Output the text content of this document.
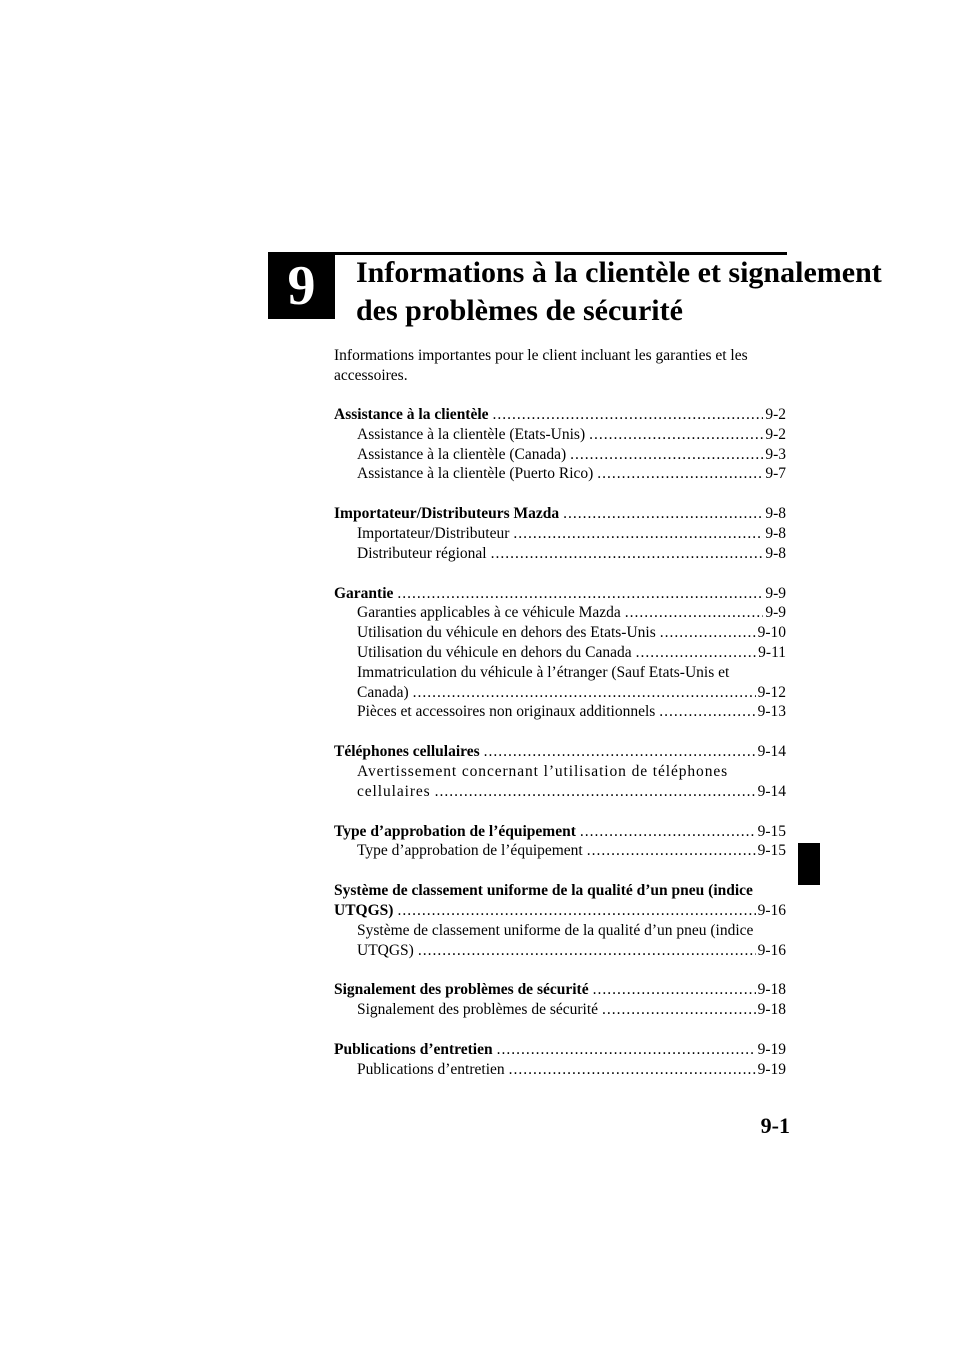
9 Informations à la clientèle et signalement
des problèmes de sécurité

Informations importantes pour le client incluant les garanties et les
accessoires.

Assistance à la clientèle .....	9-2
Assistance à la clientèle (Etats-Unis) .....	9-2
Assistance à la clientèle (Canada) .....	9-3
Assistance à la clientèle (Puerto Rico) .....	9-7
Importateur/Distributeurs Mazda .....	9-8
Importateur/Distributeur .....	9-8
Distributeur régional .....	9-8
Garantie .....	9-9
Garanties applicables à ce véhicule Mazda .....	9-9
Utilisation du véhicule en dehors des Etats-Unis .....	9-10
Utilisation du véhicule en dehors du Canada .....	9-11
Immatriculation du véhicule à l’étranger (Sauf Etats-Unis et
Canada) .....	9-12
Pièces et accessoires non originaux additionnels .....	9-13
Téléphones cellulaires .....	9-14
Avertissement concernant l’utilisation de téléphones
cellulaires .....	9-14
Type d’approbation de l’équipement .....	9-15
Type d’approbation de l’équipement .....	9-15
Système de classement uniforme de la qualité d’un pneu (indice
UTQGS) .....	9-16
Système de classement uniforme de la qualité d’un pneu (indice
UTQGS) .....	9-16
Signalement des problèmes de sécurité .....	9-18
Signalement des problèmes de sécurité .....	9-18
Publications d’entretien .....	9-19
Publications d’entretien .....	9-19
9-1
